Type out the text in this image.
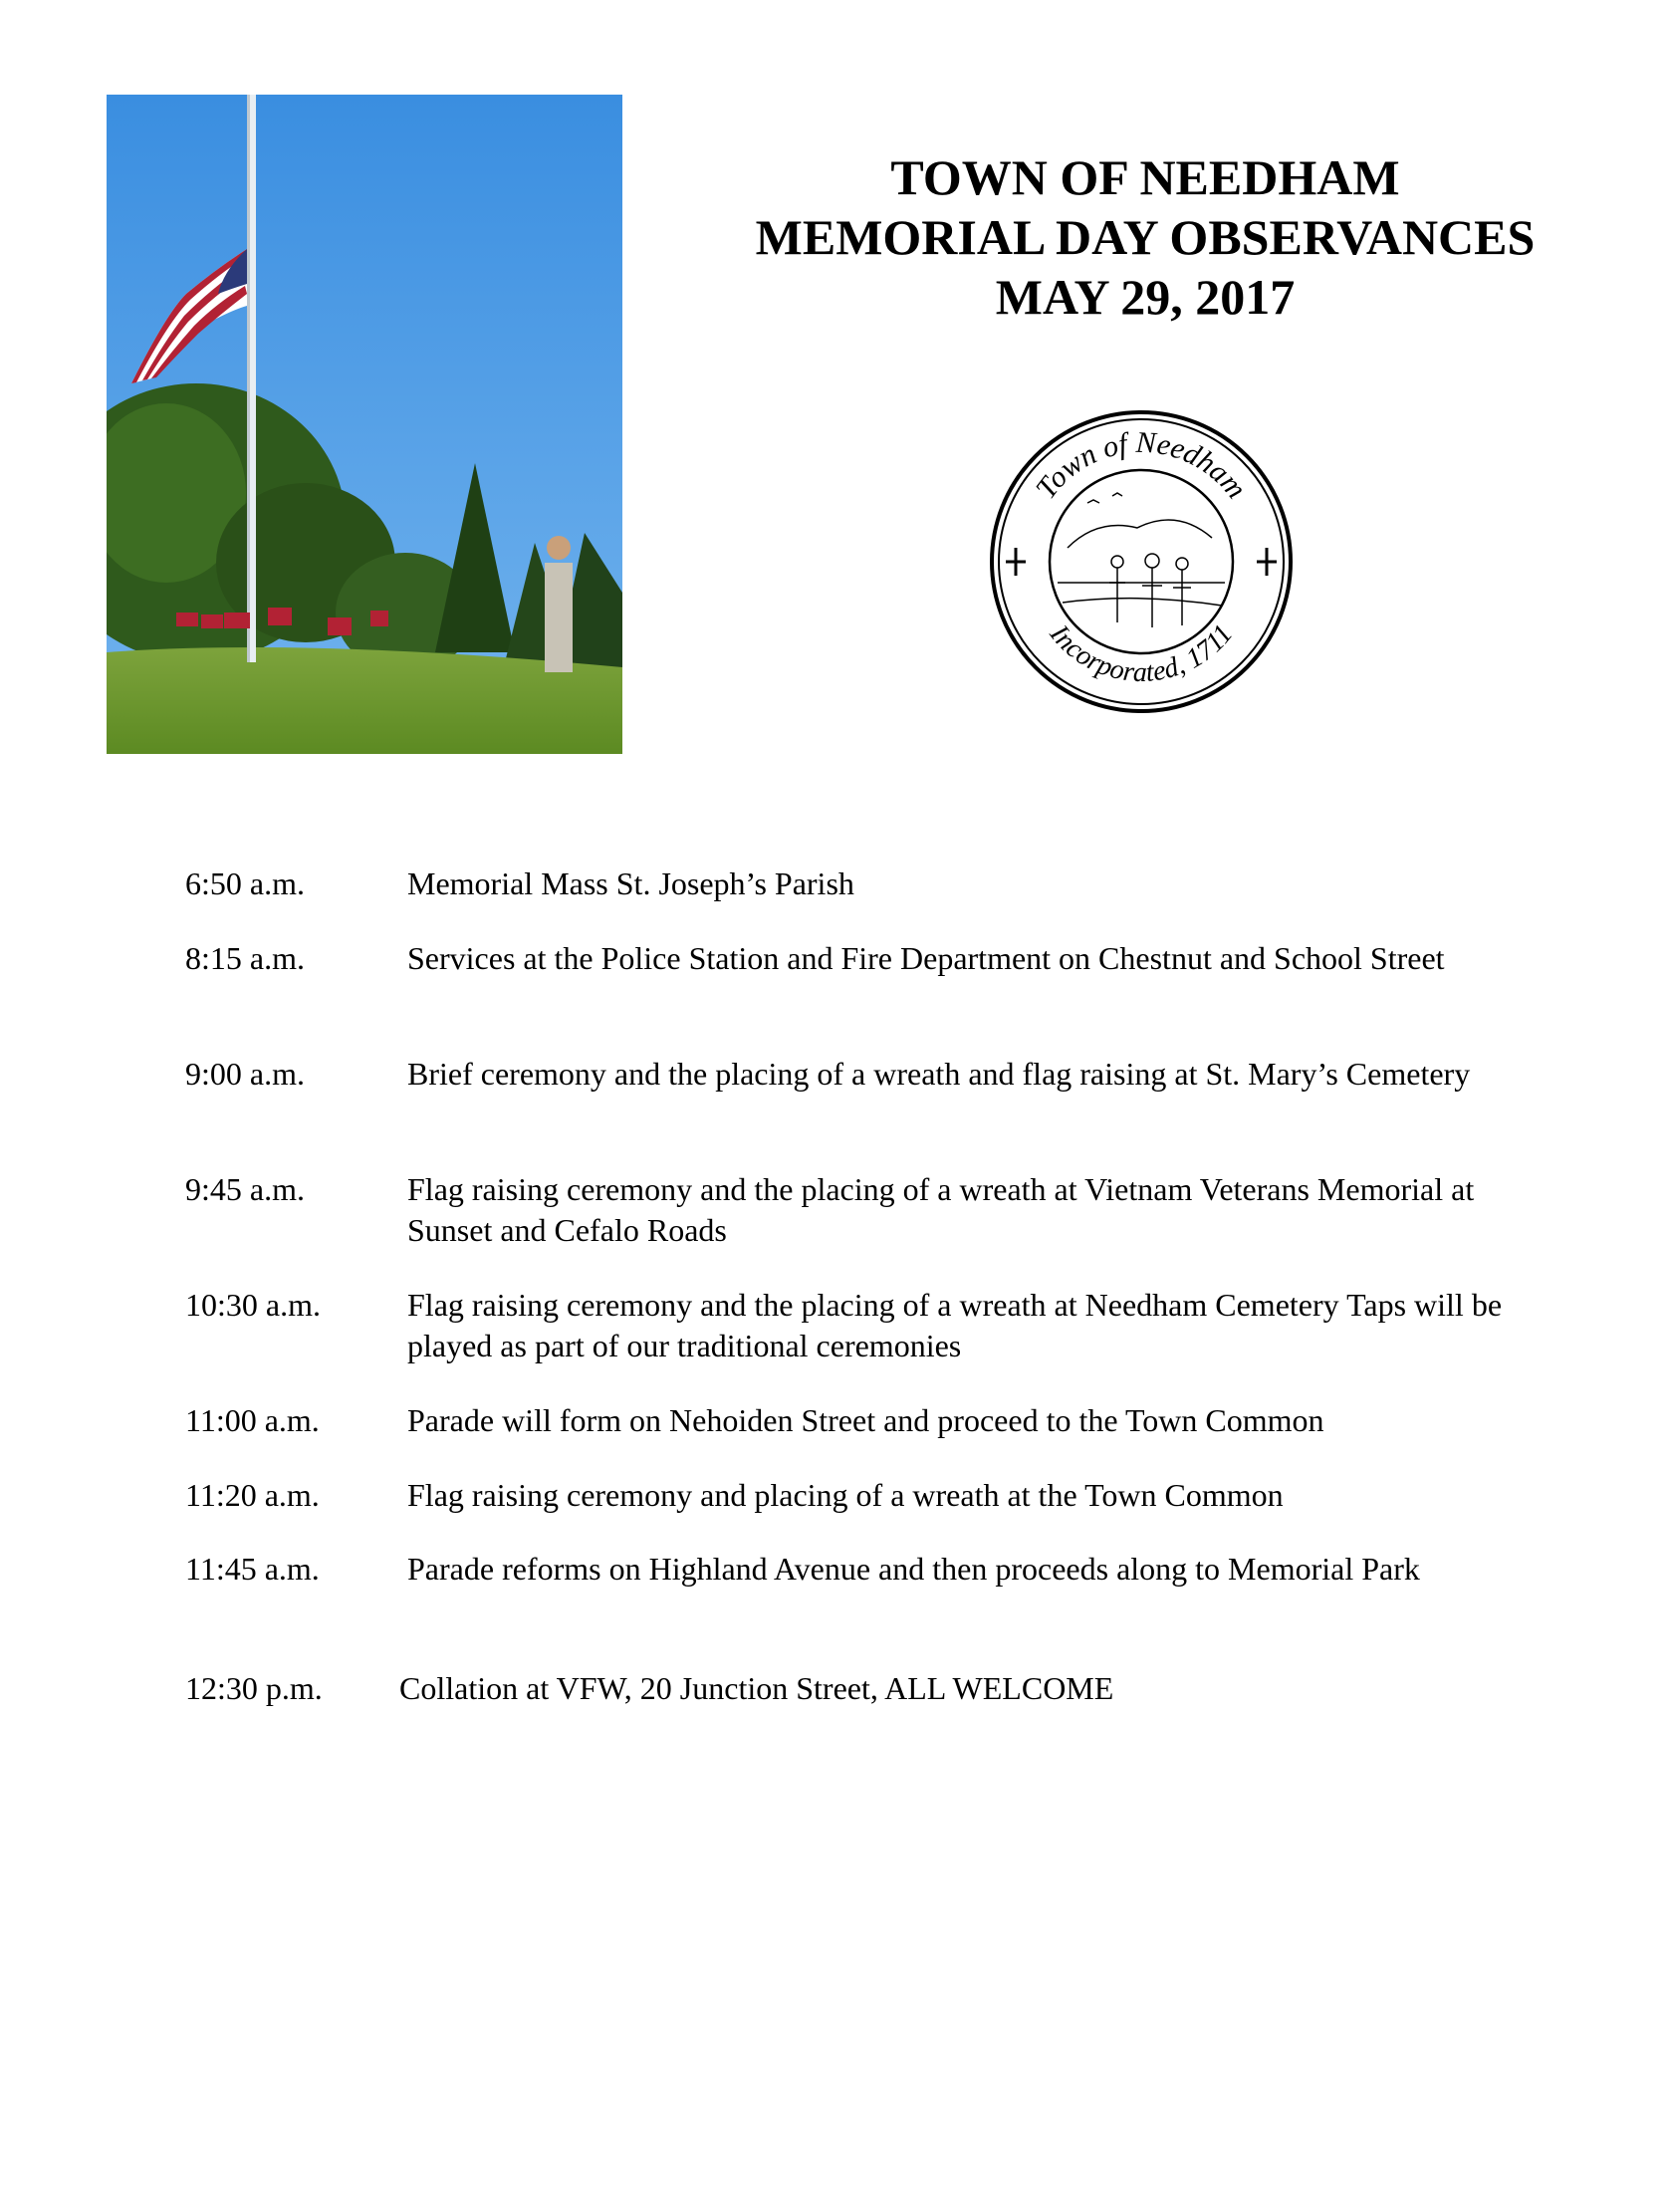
TOWN OF NEEDHAM
MEMORIAL DAY OBSERVANCES
MAY 29, 2017
Town of Needham
Incorporated, 1711
6:50 a.m.	Memorial Mass St. Joseph’s Parish
8:15 a.m.	Services at the Police Station and Fire Department on Chestnut and School Street
9:00 a.m.	Brief ceremony and the placing of a wreath and flag raising at St. Mary’s Cemetery
9:45 a.m.	Flag raising ceremony and the placing of a wreath at Vietnam Veterans Memorial at Sunset and Cefalo Roads
10:30 a.m.	Flag raising ceremony and the placing of a wreath at Needham Cemetery Taps will be played as part of our traditional ceremonies
11:00 a.m.	Parade will form on Nehoiden Street and proceed to the Town Common
11:20 a.m.	Flag raising ceremony and placing of a wreath at the Town Common
11:45 a.m.	Parade reforms on Highland Avenue and then proceeds along to Memorial Park
12:30 p.m. Collation at VFW, 20 Junction Street, ALL WELCOME
